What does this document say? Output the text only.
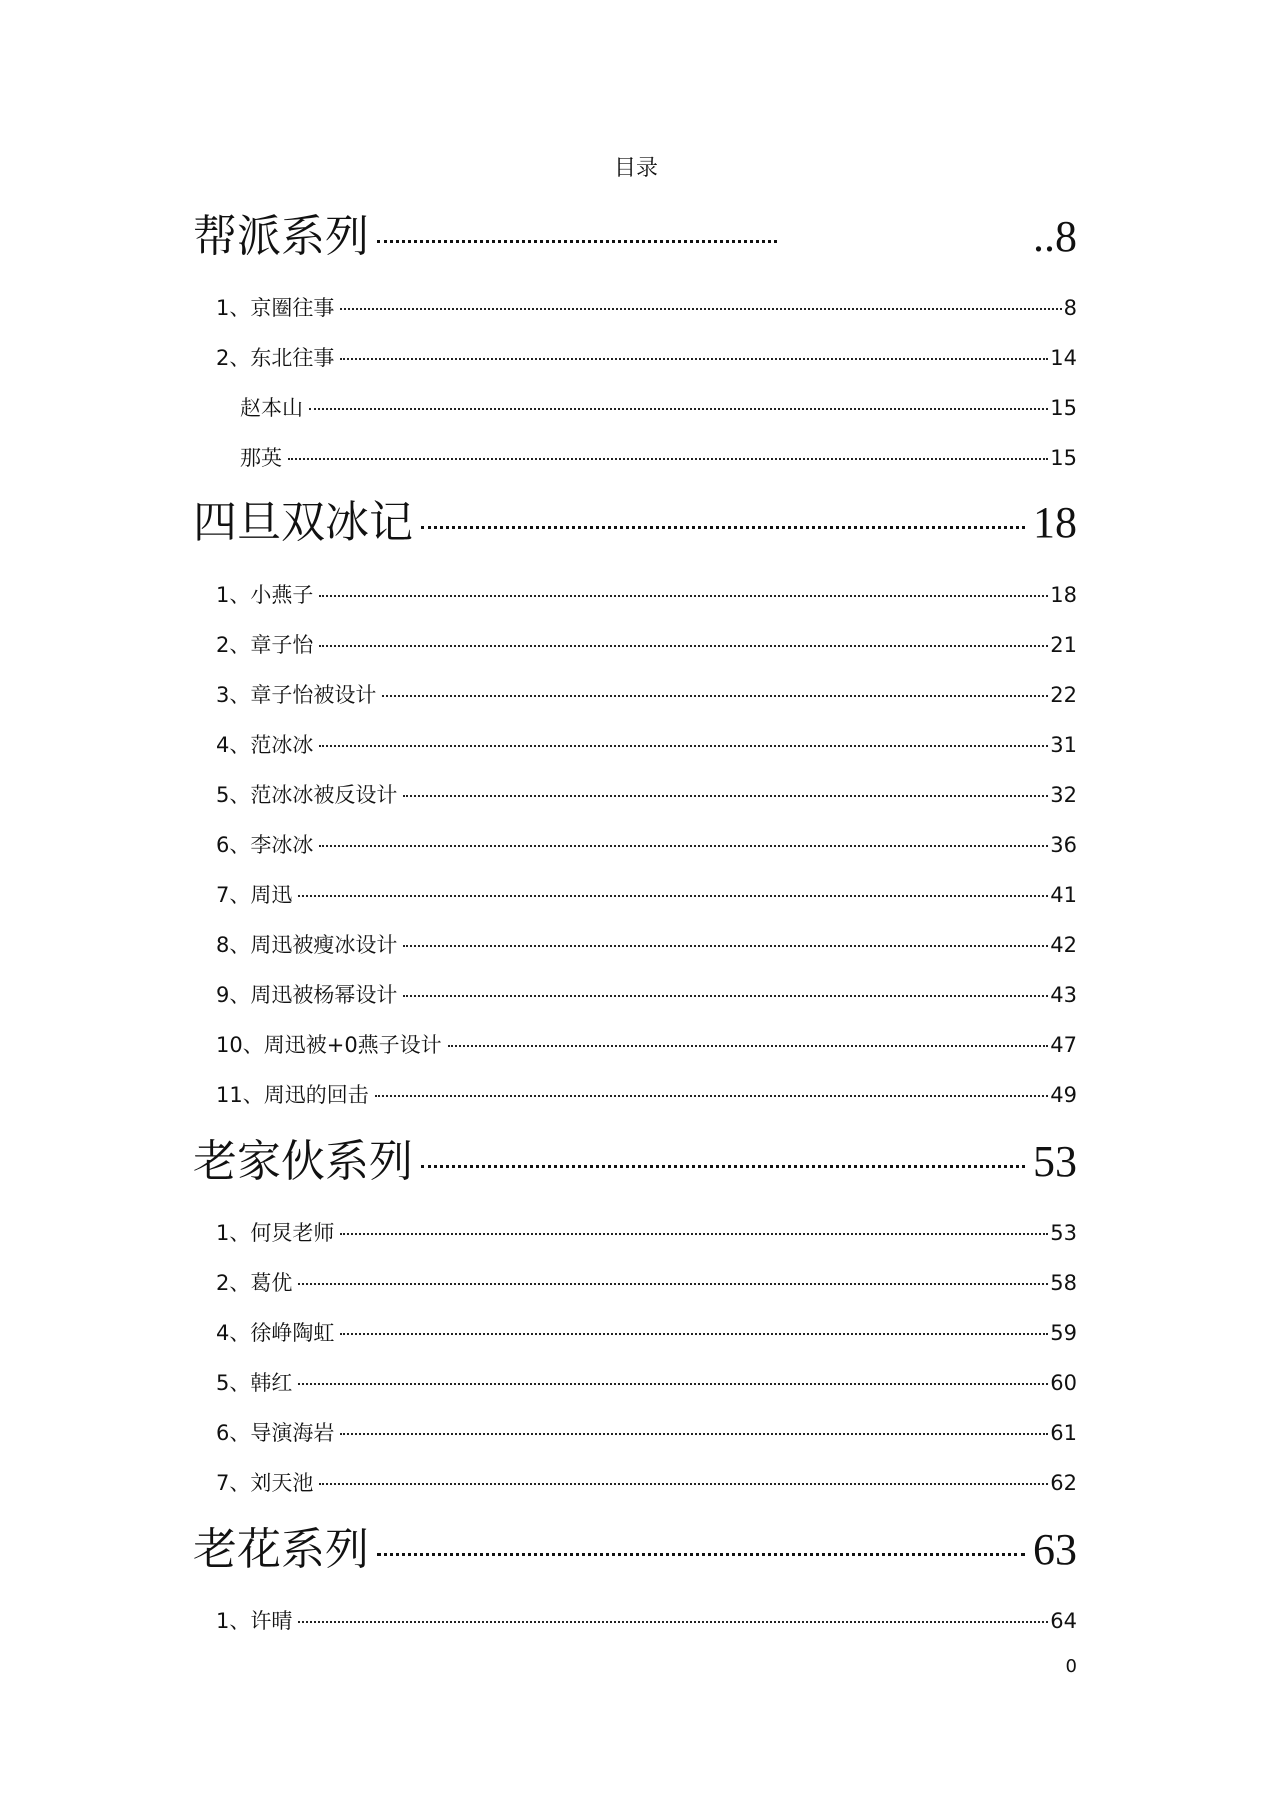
目录
帮派系列	..8
1、京圈往事	8
2、东北往事	14
赵本山	15
那英	15
四旦双冰记	18
1、小燕子	18
2、章子怡	21
3、章子怡被设计	22
4、范冰冰	31
5、范冰冰被反设计	32
6、李冰冰	36
7、周迅	41
8、周迅被瘦冰设计	42
9、周迅被杨幂设计	43
10、周迅被+0燕子设计	47
11、周迅的回击	49
老家伙系列	53
1、何炅老师	53
2、葛优	58
4、徐峥陶虹	59
5、韩红	60
6、导演海岩	61
7、刘天池	62
老花系列	63
1、许晴	64
0
